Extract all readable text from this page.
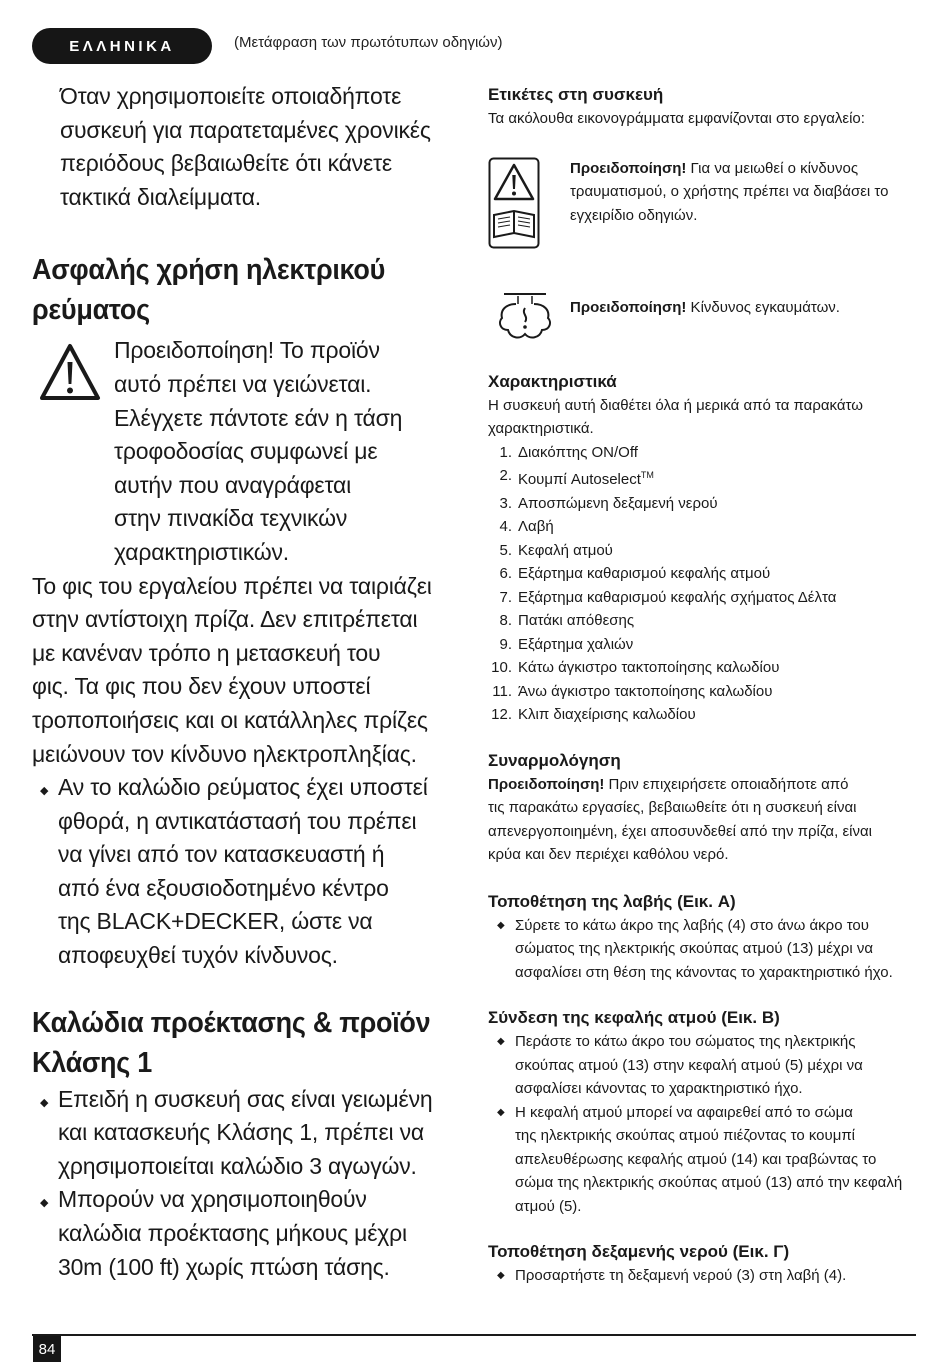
ΕΛΛΗΝΙΚΑ	(Μετάφραση των πρωτότυπων οδηγιών)
Όταν χρησιμοποιείτε οποιαδήποτε
συσκευή για παρατεταμένες χρονικές
περιόδους βεβαιωθείτε ότι κάνετε
τακτικά διαλείμματα.
Ασφαλής χρήση ηλεκτρικού
ρεύματος
Προειδοποίηση! Το προϊόν
αυτό πρέπει να γειώνεται.
Ελέγχετε πάντοτε εάν η τάση
τροφοδοσίας συμφωνεί με
αυτήν που αναγράφεται
στην πινακίδα τεχνικών
χαρακτηριστικών.
Το φις του εργαλείου πρέπει να ταιριάζει
στην αντίστοιχη πρίζα. Δεν επιτρέπεται
με κανέναν τρόπο η μετασκευή του
φις. Τα φις που δεν έχουν υποστεί
τροποποιήσεις και οι κατάλληλες πρίζες
μειώνουν τον κίνδυνο ηλεκτροπληξίας.
◆ Αν το καλώδιο ρεύματος έχει υποστεί
φθορά, η αντικατάστασή του πρέπει
να γίνει από τον κατασκευαστή ή
από ένα εξουσιοδοτημένο κέντρο
της BLACK+DECKER, ώστε να
αποφευχθεί τυχόν κίνδυνος.
Καλώδια προέκτασης & προϊόν
Κλάσης 1
◆ Επειδή η συσκευή σας είναι γειωμένη
και κατασκευής Κλάσης 1, πρέπει να
χρησιμοποιείται καλώδιο 3 αγωγών.
◆ Μπορούν να χρησιμοποιηθούν
καλώδια προέκτασης μήκους μέχρι
30m (100 ft) χωρίς πτώση τάσης.
Ετικέτες στη συσκευή
Τα ακόλουθα εικονογράμματα εμφανίζονται στο εργαλείο:
Προειδοποίηση! Για να μειωθεί ο κίνδυνος
τραυματισμού, ο χρήστης πρέπει να διαβάσει το
εγχειρίδιο οδηγιών.
Προειδοποίηση! Κίνδυνος εγκαυμάτων.
Χαρακτηριστικά
Η συσκευή αυτή διαθέτει όλα ή μερικά από τα παρακάτω
χαρακτηριστικά.
1. Διακόπτης ON/Off
2. Κουμπί Autoselect™
3. Αποσπώμενη δεξαμενή νερού
4. Λαβή
5. Κεφαλή ατμού
6. Εξάρτημα καθαρισμού κεφαλής ατμού
7. Εξάρτημα καθαρισμού κεφαλής σχήματος Δέλτα
8. Πατάκι απόθεσης
9. Εξάρτημα χαλιών
10. Κάτω άγκιστρο τακτοποίησης καλωδίου
11. Άνω άγκιστρο τακτοποίησης καλωδίου
12. Κλιπ διαχείρισης καλωδίου
Συναρμολόγηση
Προειδοποίηση! Πριν επιχειρήσετε οποιαδήποτε από
τις παρακάτω εργασίες, βεβαιωθείτε ότι η συσκευή είναι
απενεργοποιημένη, έχει αποσυνδεθεί από την πρίζα, είναι
κρύα και δεν περιέχει καθόλου νερό.
Τοποθέτηση της λαβής (Εικ. A)
◆ Σύρετε το κάτω άκρο της λαβής (4) στο άνω άκρο του
σώματος της ηλεκτρικής σκούπας ατμού (13) μέχρι να
ασφαλίσει στη θέση της κάνοντας το χαρακτηριστικό ήχο.
Σύνδεση της κεφαλής ατμού (Εικ. B)
◆ Περάστε το κάτω άκρο του σώματος της ηλεκτρικής
σκούπας ατμού (13) στην κεφαλή ατμού (5) μέχρι να
ασφαλίσει κάνοντας το χαρακτηριστικό ήχο.
◆ Η κεφαλή ατμού μπορεί να αφαιρεθεί από το σώμα
της ηλεκτρικής σκούπας ατμού πιέζοντας το κουμπί
απελευθέρωσης κεφαλής ατμού (14) και τραβώντας το
σώμα της ηλεκτρικής σκούπας ατμού (13) από την κεφαλή
ατμού (5).
Τοποθέτηση δεξαμενής νερού (Εικ. Γ)
◆ Προσαρτήστε τη δεξαμενή νερού (3) στη λαβή (4).
84
